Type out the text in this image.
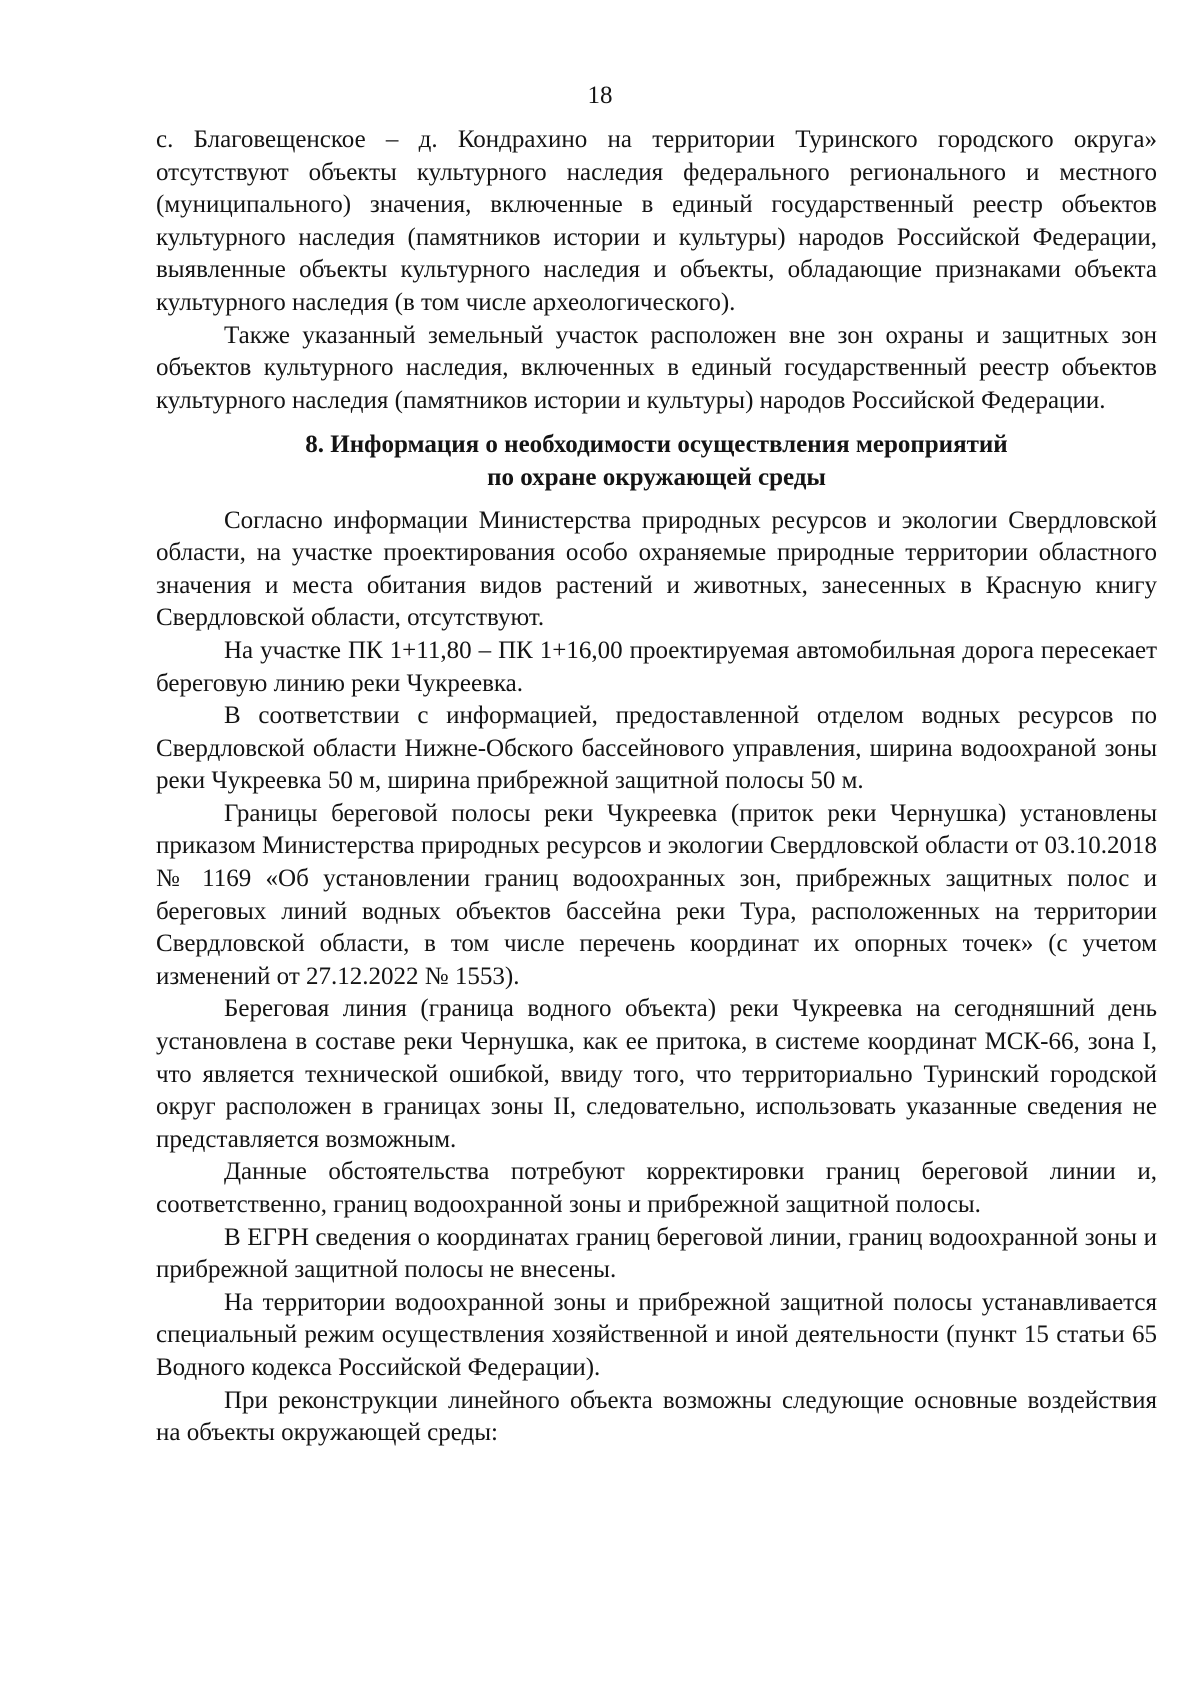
18

с. Благовещенское – д. Кондрахино на территории Туринского городского округа» отсутствуют объекты культурного наследия федерального регионального и местного (муниципального) значения, включенные в единый государственный реестр объектов культурного наследия (памятников истории и культуры) народов Российской Федерации, выявленные объекты культурного наследия и объекты, обладающие признаками объекта культурного наследия (в том числе археологического).

Также указанный земельный участок расположен вне зон охраны и защитных зон объектов культурного наследия, включенных в единый государственный реестр объектов культурного наследия (памятников истории и культуры) народов Российской Федерации.

8. Информация о необходимости осуществления мероприятий
по охране окружающей среды

Согласно информации Министерства природных ресурсов и экологии Свердловской области, на участке проектирования особо охраняемые природные территории областного значения и места обитания видов растений и животных, занесенных в Красную книгу Свердловской области, отсутствуют.

На участке ПК 1+11,80 – ПК 1+16,00 проектируемая автомобильная дорога пересекает береговую линию реки Чукреевка.

В соответствии с информацией, предоставленной отделом водных ресурсов по Свердловской области Нижне-Обского бассейнового управления, ширина водоохраной зоны реки Чукреевка 50 м, ширина прибрежной защитной полосы 50 м.

Границы береговой полосы реки Чукреевка (приток реки Чернушка) установлены приказом Министерства природных ресурсов и экологии Свердловской области от 03.10.2018 № 1169 «Об установлении границ водоохранных зон, прибрежных защитных полос и береговых линий водных объектов бассейна реки Тура, расположенных на территории Свердловской области, в том числе перечень координат их опорных точек» (с учетом изменений от 27.12.2022 № 1553).

Береговая линия (граница водного объекта) реки Чукреевка на сегодняшний день установлена в составе реки Чернушка, как ее притока, в системе координат МСК-66, зона I, что является технической ошибкой, ввиду того, что территориально Туринский городской округ расположен в границах зоны II, следовательно, использовать указанные сведения не представляется возможным.

Данные обстоятельства потребуют корректировки границ береговой линии и, соответственно, границ водоохранной зоны и прибрежной защитной полосы.

В ЕГРН сведения о координатах границ береговой линии, границ водоохранной зоны и прибрежной защитной полосы не внесены.

На территории водоохранной зоны и прибрежной защитной полосы устанавливается специальный режим осуществления хозяйственной и иной деятельности (пункт 15 статьи 65 Водного кодекса Российской Федерации).

При реконструкции линейного объекта возможны следующие основные воздействия на объекты окружающей среды:
